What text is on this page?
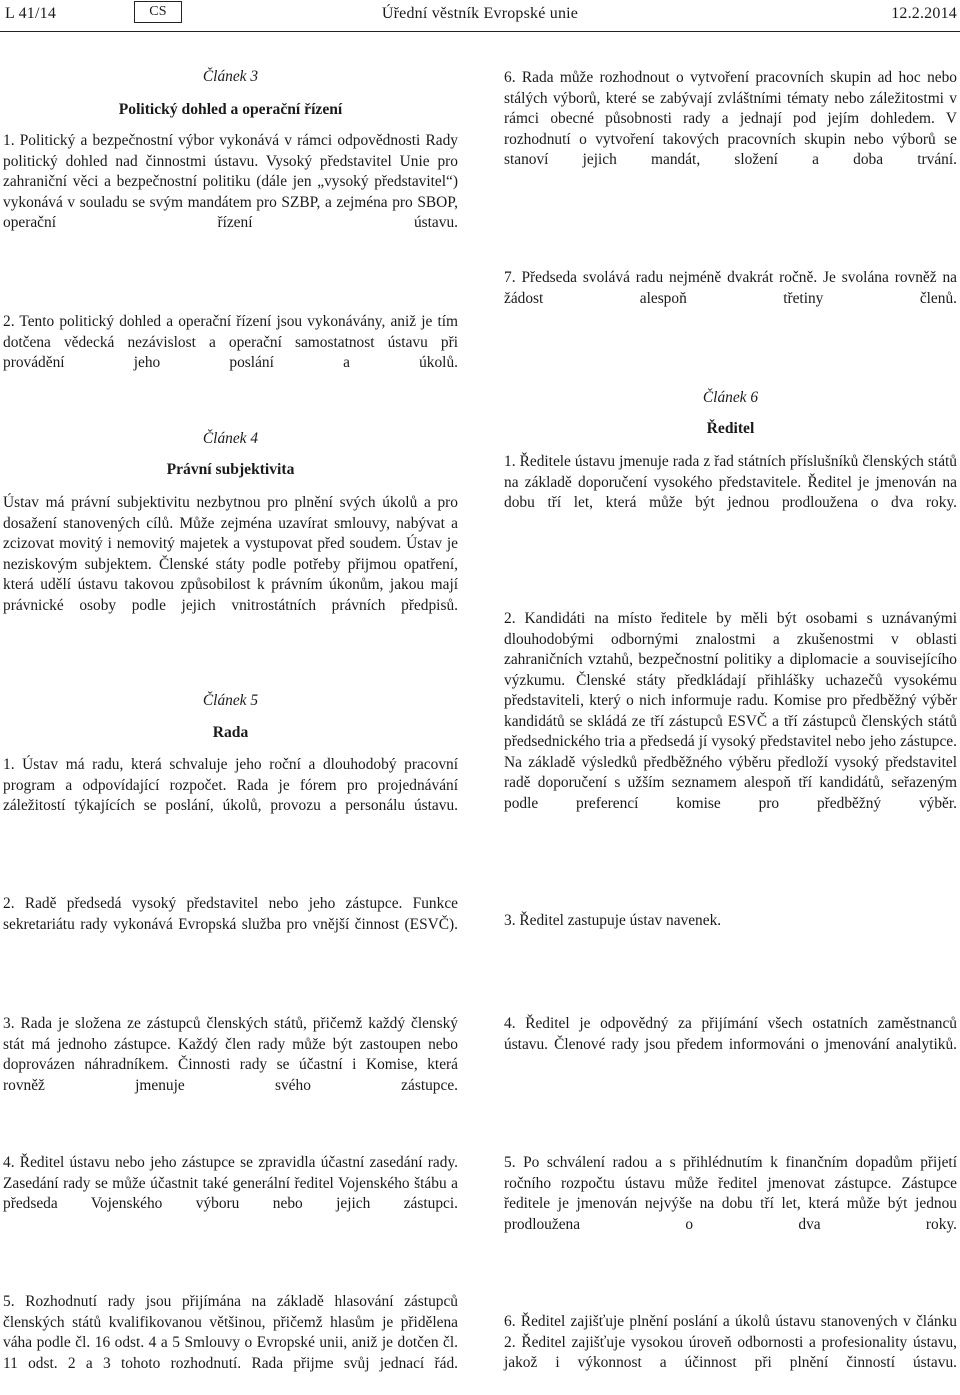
Úřední věstník Evropské unie
L 41/14	CS	12.2.2014
Článek 3
Politický dohled a operační řízení

1. Politický a bezpečnostní výbor vykonává v rámci odpovědnosti Rady politický dohled nad činnostmi ústavu. Vysoký představitel Unie pro zahraniční věci a bezpečnostní politiku (dále jen „vysoký představitel“) vykonává v souladu se svým mandátem pro SZBP, a zejména pro SBOP, operační řízení ústavu.

2. Tento politický dohled a operační řízení jsou vykonávány, aniž je tím dotčena vědecká nezávislost a operační samostatnost ústavu při provádění jeho poslání a úkolů.

Článek 4
Právní subjektivita

Ústav má právní subjektivitu nezbytnou pro plnění svých úkolů a pro dosažení stanovených cílů. Může zejména uzavírat smlouvy, nabývat a zcizovat movitý i nemovitý majetek a vystupovat před soudem. Ústav je neziskovým subjektem. Členské státy podle potřeby přijmou opatření, která udělí ústavu takovou způsobilost k právním úkonům, jakou mají právnické osoby podle jejich vnitrostátních právních předpisů.

Článek 5
Rada

1. Ústav má radu, která schvaluje jeho roční a dlouhodobý pracovní program a odpovídající rozpočet. Rada je fórem pro projednávání záležitostí týkajících se poslání, úkolů, provozu a personálu ústavu.

2. Radě předsedá vysoký představitel nebo jeho zástupce. Funkce sekretariátu rady vykonává Evropská služba pro vnější činnost (ESVČ).

3. Rada je složena ze zástupců členských států, přičemž každý členský stát má jednoho zástupce. Každý člen rady může být zastoupen nebo doprovázen náhradníkem. Činnosti rady se účastní i Komise, která rovněž jmenuje svého zástupce.

4. Ředitel ústavu nebo jeho zástupce se zpravidla účastní zasedání rady. Zasedání rady se může účastnit také generální ředitel Vojenského štábu a předseda Vojenského výboru nebo jejich zástupci.

5. Rozhodnutí rady jsou přijímána na základě hlasování zástupců členských států kvalifikovanou většinou, přičemž hlasům je přidělena váha podle čl. 16 odst. 4 a 5 Smlouvy o Evropské unii, aniž je dotčen čl. 11 odst. 2 a 3 tohoto rozhodnutí. Rada přijme svůj jednací řád.

6. Rada může rozhodnout o vytvoření pracovních skupin ad hoc nebo stálých výborů, které se zabývají zvláštními tématy nebo záležitostmi v rámci obecné působnosti rady a jednají pod jejím dohledem. V rozhodnutí o vytvoření takových pracovních skupin nebo výborů se stanoví jejich mandát, složení a doba trvání.

7. Předseda svolává radu nejméně dvakrát ročně. Je svolána rovněž na žádost alespoň třetiny členů.

Článek 6
Ředitel

1. Ředitele ústavu jmenuje rada z řad státních příslušníků členských států na základě doporučení vysokého představitele. Ředitel je jmenován na dobu tří let, která může být jednou prodloužena o dva roky.

2. Kandidáti na místo ředitele by měli být osobami s uznávanými dlouhodobými odbornými znalostmi a zkušenostmi v oblasti zahraničních vztahů, bezpečnostní politiky a diplomacie a souvisejícího výzkumu. Členské státy předkládají přihlášky uchazečů vysokému představiteli, který o nich informuje radu. Komise pro předběžný výběr kandidátů se skládá ze tří zástupců ESVČ a tří zástupců členských států předsednického tria a předsedá jí vysoký představitel nebo jeho zástupce. Na základě výsledků předběžného výběru předloží vysoký představitel radě doporučení s užším seznamem alespoň tří kandidátů, seřazeným podle preferencí komise pro předběžný výběr.

3. Ředitel zastupuje ústav navenek.

4. Ředitel je odpovědný za přijímání všech ostatních zaměstnanců ústavu. Členové rady jsou předem informováni o jmenování analytiků.

5. Po schválení radou a s přihlédnutím k finančním dopadům přijetí ročního rozpočtu ústavu může ředitel jmenovat zástupce. Zástupce ředitele je jmenován nejvýše na dobu tří let, která může být jednou prodloužena o dva roky.

6. Ředitel zajišťuje plnění poslání a úkolů ústavu stanovených v článku 2. Ředitel zajišťuje vysokou úroveň odbornosti a profesionality ústavu, jakož i výkonnost a účinnost při plnění činností ústavu.
